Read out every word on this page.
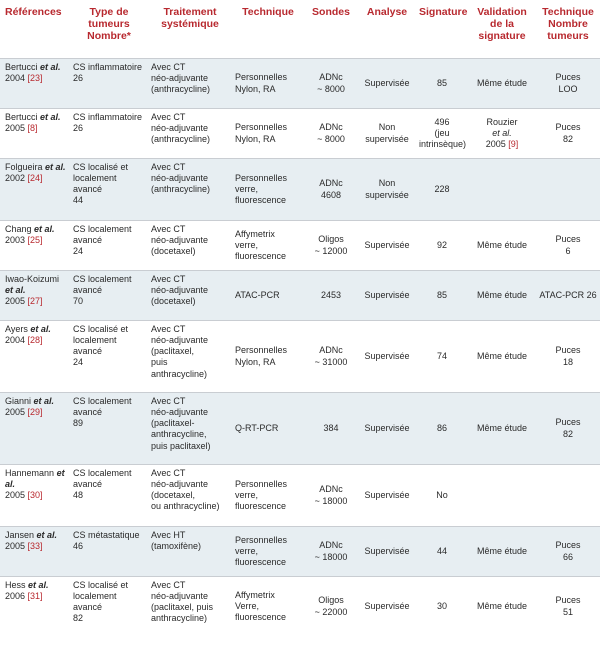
Références	Type de
tumeurs
Nombre*	Traitement
systémique	Technique	Sondes	Analyse	Signature	Validation
de la
signature	Technique
Nombre
tumeurs

Bertucci et al.
2004 [23]	CS inflammatoire
26	Avec CT
néo-adjuvante
(anthracycline)	Personnelles
Nylon, RA	ADNc
~ 8000	Supervisée	85	Même étude	Puces
LOO

Bertucci et al.
2005 [8]	CS inflammatoire
26	Avec CT
néo-adjuvante
(anthracycline)	Personnelles
Nylon, RA	ADNc
~ 8000	Non
supervisée	496
(jeu
intrinsèque)	Rouzier
et al.
2005 [9]	Puces
82

Folgueira et al.
2002 [24]	CS localisé et
localement
avancé
44	Avec CT
néo-adjuvante
(anthracycline)	Personnelles
verre,
fluorescence	ADNc
4608	Non
supervisée	228		

Chang et al.
2003 [25]	CS localement
avancé
24	Avec CT
néo-adjuvante
(docetaxel)	Affymetrix
verre,
fluorescence	Oligos
~ 12000	Supervisée	92	Même étude	Puces
6

Iwao-Koizumi et al.
2005 [27]	CS localement
avancé
70	Avec CT
néo-adjuvante
(docetaxel)	ATAC-PCR	2453	Supervisée	85	Même étude	ATAC-PCR 26

Ayers et al.
2004 [28]	CS localisé et
localement
avancé
24	Avec CT
néo-adjuvante
(paclitaxel,
puis
anthracycline)	Personnelles
Nylon, RA	ADNc
~ 31000	Supervisée	74	Même étude	Puces
18

Gianni et al.
2005 [29]	CS localement
avancé
89	Avec CT
néo-adjuvante
(paclitaxel-
anthracycline,
puis paclitaxel)	Q-RT-PCR	384	Supervisée	86	Même étude	Puces
82

Hannemann et al.
2005 [30]	CS localement
avancé
48	Avec CT
néo-adjuvante
(docetaxel,
ou anthracycline)	Personnelles
verre,
fluorescence	ADNc
~ 18000	Supervisée	No		

Jansen et al.
2005 [33]	CS métastatique
46	Avec HT
(tamoxifène)	Personnelles
verre,
fluorescence	ADNc
~ 18000	Supervisée	44	Même étude	Puces
66

Hess et al.
2006 [31]	CS localisé et
localement
avancé
82	Avec CT
néo-adjuvante
(paclitaxel, puis
anthracycline)	Affymetrix
Verre,
fluorescence	Oligos
~ 22000	Supervisée	30	Même étude	Puces
51
